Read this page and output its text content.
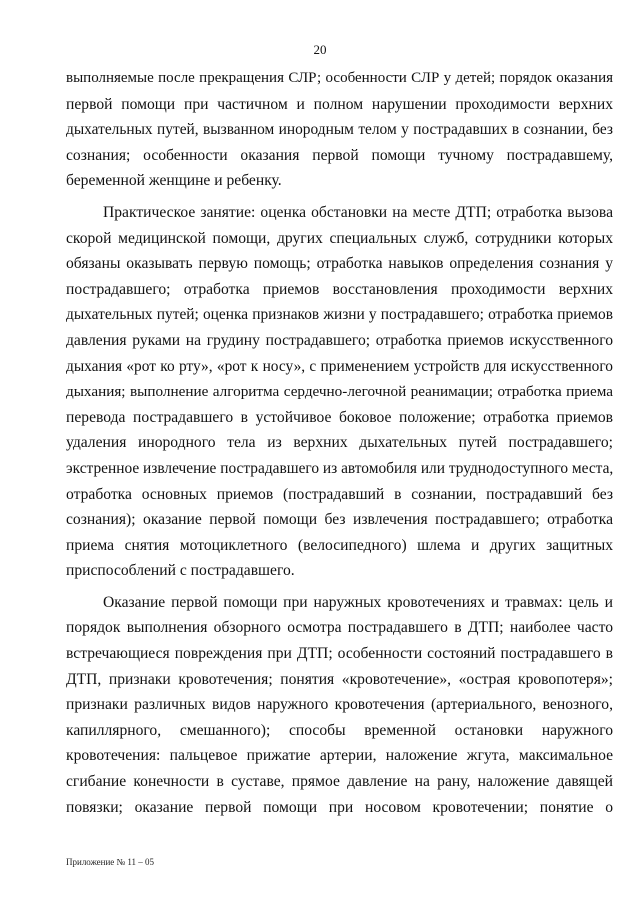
20
выполняемые после прекращения СЛР; особенности СЛР у детей; порядок оказания
первой помощи при частичном и полном нарушении проходимости верхних
дыхательных путей, вызванном инородным телом у пострадавших в сознании, без
сознания; особенности оказания первой помощи тучному пострадавшему,
беременной женщине и ребенку.
Практическое занятие: оценка обстановки на месте ДТП; отработка вызова
скорой медицинской помощи, других специальных служб, сотрудники которых
обязаны оказывать первую помощь; отработка навыков определения сознания у
пострадавшего; отработка приемов восстановления проходимости верхних
дыхательных путей; оценка признаков жизни у пострадавшего; отработка приемов
давления руками на грудину пострадавшего; отработка приемов искусственного
дыхания «рот ко рту», «рот к носу», с применением устройств для искусственного
дыхания; выполнение алгоритма сердечно-легочной реанимации; отработка приема
перевода пострадавшего в устойчивое боковое положение; отработка приемов
удаления инородного тела из верхних дыхательных путей пострадавшего;
экстренное извлечение пострадавшего из автомобиля или труднодоступного места,
отработка основных приемов (пострадавший в сознании, пострадавший без
сознания); оказание первой помощи без извлечения пострадавшего; отработка
приема снятия мотоциклетного (велосипедного) шлема и других защитных
приспособлений с пострадавшего.
Оказание первой помощи при наружных кровотечениях и травмах: цель и
порядок выполнения обзорного осмотра пострадавшего в ДТП; наиболее часто
встречающиеся повреждения при ДТП; особенности состояний пострадавшего в
ДТП, признаки кровотечения; понятия «кровотечение», «острая кровопотеря»;
признаки различных видов наружного кровотечения (артериального, венозного,
капиллярного, смешанного); способы временной остановки наружного
кровотечения: пальцевое прижатие артерии, наложение жгута, максимальное
сгибание конечности в суставе, прямое давление на рану, наложение давящей
повязки; оказание первой помощи при носовом кровотечении; понятие о
Приложение № 11 – 05
